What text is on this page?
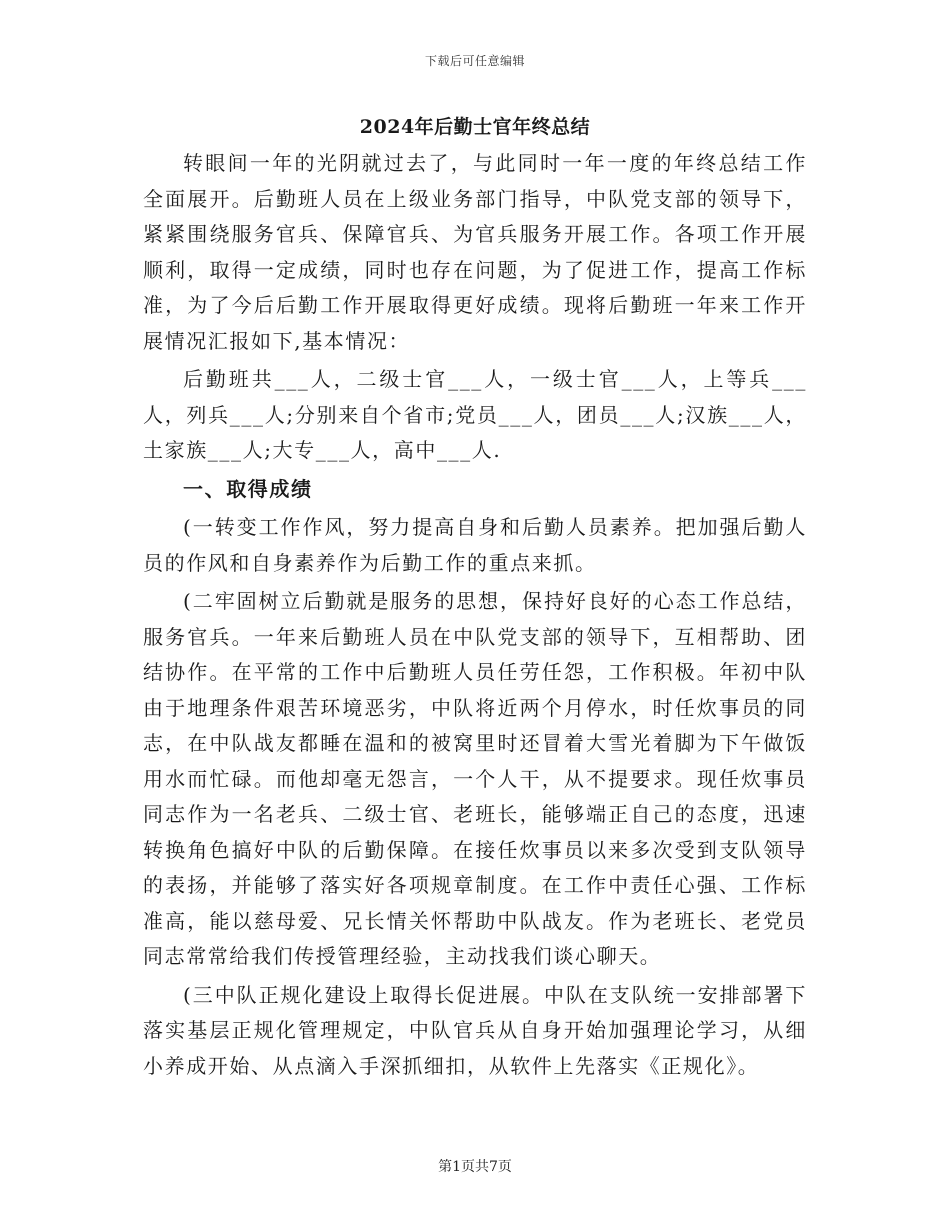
下载后可任意编辑
2024年后勤士官年终总结

转眼间一年的光阴就过去了，与此同时一年一度的年终总结工作全面展开。后勤班人员在上级业务部门指导，中队党支部的领导下，紧紧围绕服务官兵、保障官兵、为官兵服务开展工作。各项工作开展顺利，取得一定成绩，同时也存在问题，为了促进工作，提高工作标准，为了今后后勤工作开展取得更好成绩。现将后勤班一年来工作开展情况汇报如下,基本情况：

后勤班共___人，二级士官___人，一级士官___人，上等兵___人，列兵___人;分别来自个省市;党员___人，团员___人;汉族___人，土家族___人;大专___人，高中___人.

一、取得成绩

(一转变工作作风，努力提高自身和后勤人员素养。把加强后勤人员的作风和自身素养作为后勤工作的重点来抓。

(二牢固树立后勤就是服务的思想，保持好良好的心态工作总结，服务官兵。一年来后勤班人员在中队党支部的领导下，互相帮助、团结协作。在平常的工作中后勤班人员任劳任怨，工作积极。年初中队由于地理条件艰苦环境恶劣，中队将近两个月停水，时任炊事员的同志，在中队战友都睡在温和的被窝里时还冒着大雪光着脚为下午做饭用水而忙碌。而他却毫无怨言，一个人干，从不提要求。现任炊事员同志作为一名老兵、二级士官、老班长，能够端正自己的态度，迅速转换角色搞好中队的后勤保障。在接任炊事员以来多次受到支队领导的表扬，并能够了落实好各项规章制度。在工作中责任心强、工作标准高，能以慈母爱、兄长情关怀帮助中队战友。作为老班长、老党员同志常常给我们传授管理经验，主动找我们谈心聊天。

(三中队正规化建设上取得长促进展。中队在支队统一安排部署下落实基层正规化管理规定，中队官兵从自身开始加强理论学习，从细小养成开始、从点滴入手深抓细扣，从软件上先落实《正规化》。

第1页共7页
